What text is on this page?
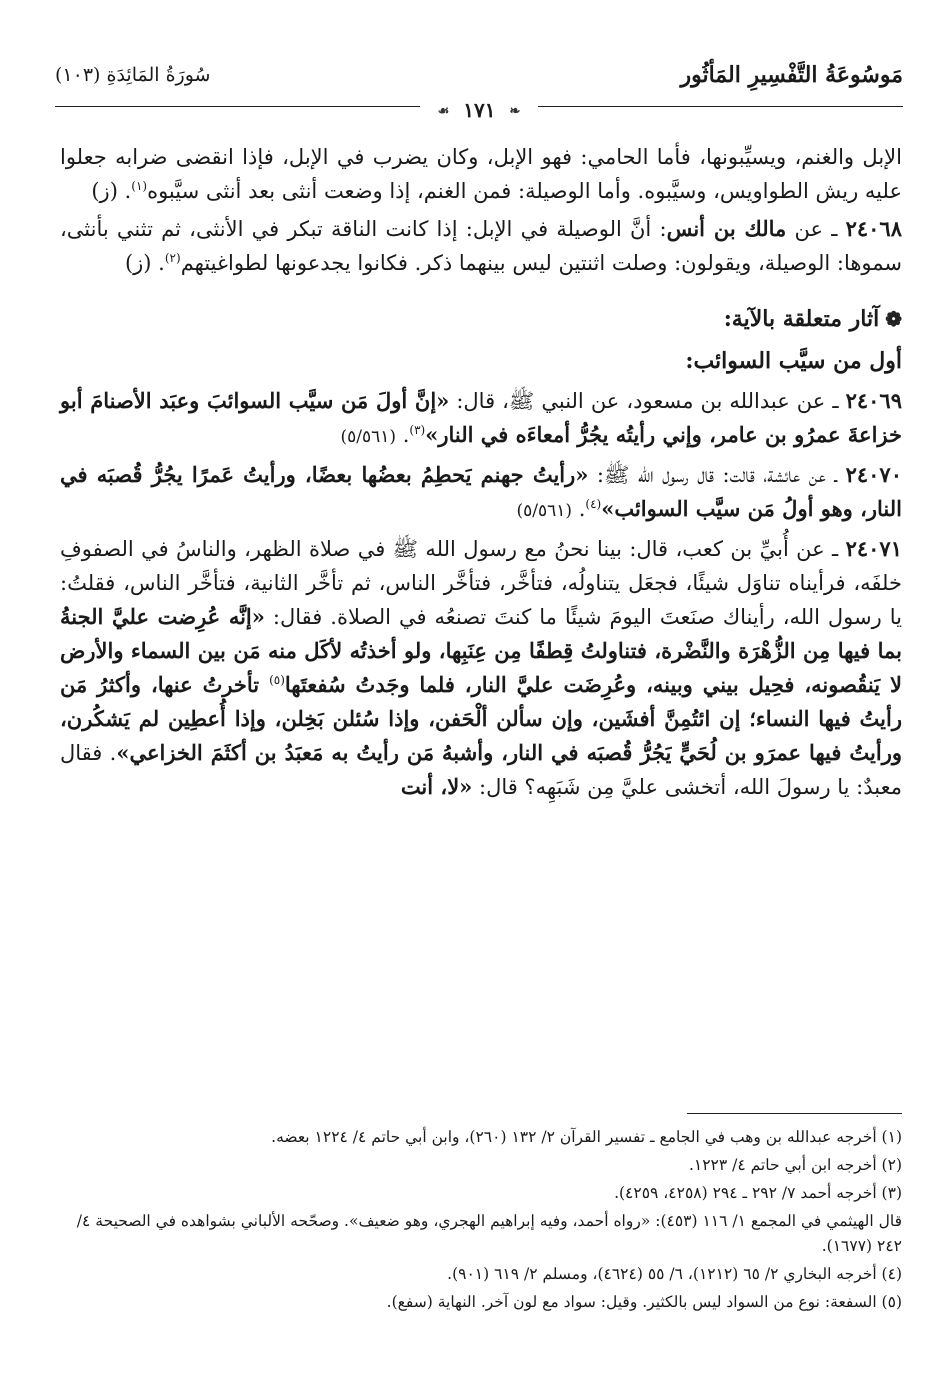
مَوسُوعَةُ التَّفْسِيرِ المَأثُور
سُورَةُ المَائِدَةِ (١٠٣)
❧١٧١☙

الإبل والغنم، ويسيِّبونها، فأما الحامي: فهو الإبل، وكان يضرب في الإبل، فإذا انقضى ضرابه جعلوا عليه ريش الطواويس، وسيَّبوه. وأما الوصيلة: فمن الغنم، إذا وضعت أنثى بعد أنثى سيَّبوه$^{(١)}$. (ز)

٢٤٠٦٨ ـ عن مالك بن أنس: أنَّ الوصيلة في الإبل: إذا كانت الناقة تبكر في الأنثى، ثم تثني بأنثى، سموها: الوصيلة، ويقولون: وصلت اثنتين ليس بينهما ذكر. فكانوا يجدعونها لطواغيتهم$^{(٢)}$. (ز)

❁آثار متعلقة بالآية:

أول من سيَّب السوائب:

٢٤٠٦٩ ـ عن عبدالله بن مسعود، عن النبي ﷺ، قال: «إنَّ أولَ مَن سيَّب السوائبَ وعبَد الأصنامَ أبو خزاعةَ عمرُو بن عامر، وإني رأيتُه يجُرُّ أمعاءَه في النار»$^{(٣)}$. (٥/٥٦١)

٢٤٠٧٠ ـ عن عائشة، قالت: قال رسول الله ﷺ: «رأيتُ جهنم يَحطِمُ بعضُها بعضًا، ورأيتُ عَمرًا يجُرُّ قُصبَه في النار، وهو أولُ مَن سيَّب السوائب»$^{(٤)}$. (٥/٥٦١)

٢٤٠٧١ ـ عن أُبيِّ بن كعب، قال: بينا نحنُ مع رسول الله ﷺ في صلاة الظهر، والناسُ في الصفوفِ خلفَه، فرأيناه تناوَل شيئًا، فجعَل يتناولُه، فتأخَّر، فتأخَّر الناس، ثم تأخَّر الثانية، فتأخَّر الناس، فقلتُ: يا رسول الله، رأيناك صنَعتَ اليومَ شيئًا ما كنتَ تصنعُه في الصلاة. فقال: «إنَّه عُرِضت عليَّ الجنةُ بما فيها مِن الزُّهْرَة والنَّضْرة، فتناولتُ قِطفًا مِن عِنَبِها، ولو أخذتُه لأكَل منه مَن بين السماء والأرض لا يَنقُصونه، فحِيل بيني وبينه، وعُرِضَت عليَّ النار، فلما وجَدتُ سُفعتَها$^{(٥)}$ تأخرتُ عنها، وأكثرُ مَن رأيتُ فيها النساء؛ إن ائتُمِنَّ أفشَين، وإن سألن ألْحَفن، وإذا سُئلن بَخِلن، وإذا أُعطِين لم يَشكُرن، ورأيتُ فيها عمرَو بن لُحَيٍّ يَجُرُّ قُصبَه في النار، وأشبهُ مَن رأيتُ به مَعبَدُ بن أكثَمَ الخزاعي». فقال معبدٌ: يا رسولَ الله، أتخشى عليَّ مِن شَبَهِه؟ قال: «لا، أنت

(١) أخرجه عبدالله بن وهب في الجامع ـ تفسير القرآن ٢/ ١٣٢ (٢٦٠)، وابن أبي حاتم ٤/ ١٢٢٤ بعضه.

(٢) أخرجه ابن أبي حاتم ٤/ ١٢٢٣.

(٣) أخرجه أحمد ٧/ ٢٩٢ ـ ٢٩٤ (٤٢٥٨، ٤٢٥٩).

قال الهيثمي في المجمع ١/ ١١٦ (٤٥٣): «رواه أحمد، وفيه إبراهيم الهجري، وهو ضعيف». وصحّحه الألباني بشواهده في الصحيحة ٤/ ٢٤٢ (١٦٧٧).

(٤) أخرجه البخاري ٢/ ٦٥ (١٢١٢)، ٦/ ٥٥ (٤٦٢٤)، ومسلم ٢/ ٦١٩ (٩٠١).

(٥) السفعة: نوع من السواد ليس بالكثير. وقيل: سواد مع لون آخر. النهاية (سفع).
